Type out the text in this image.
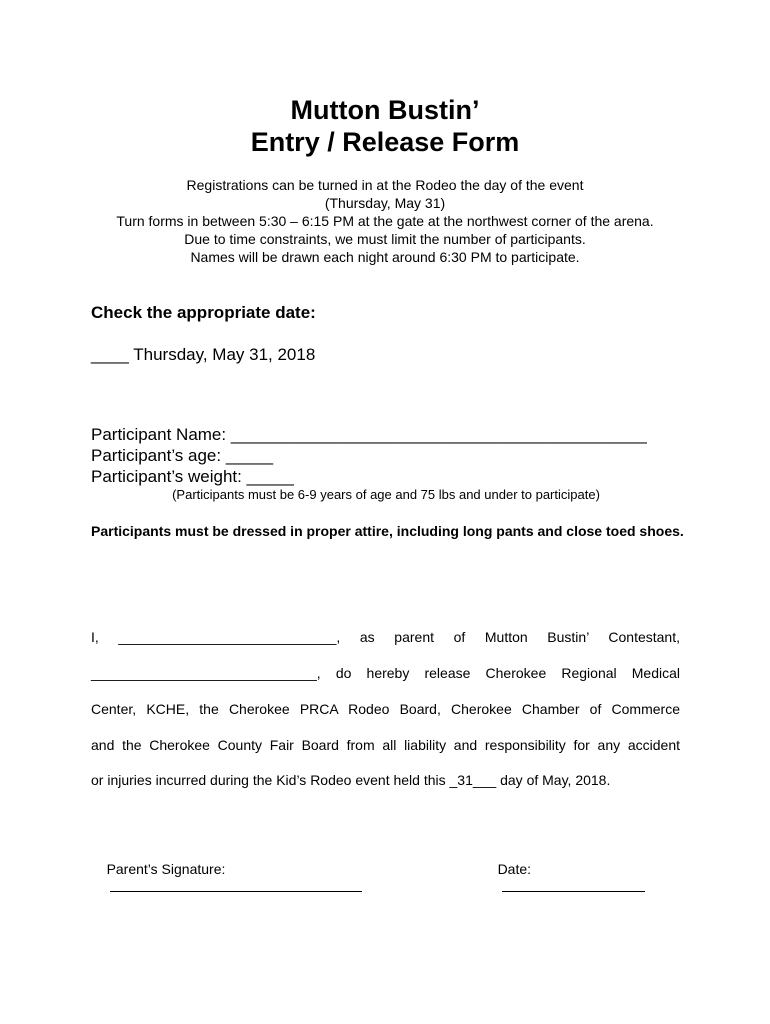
Mutton Bustin’
Entry / Release Form
Registrations can be turned in at the Rodeo the day of the event
(Thursday, May 31)
Turn forms in between 5:30 – 6:15 PM at the gate at the northwest corner of the arena.
Due to time constraints, we must limit the number of participants.
Names will be drawn each night around 6:30 PM to participate.
Check the appropriate date:
____ Thursday, May 31, 2018
Participant Name: ____________________________________________
Participant’s age: _____
Participant’s weight: _____
(Participants must be 6-9 years of age and 75 lbs and under to participate)
Participants must be dressed in proper attire, including long pants and close toed shoes.
I, ____________________________, as parent of Mutton Bustin’ Contestant,
_____________________________, do hereby release Cherokee Regional Medical
Center, KCHE, the Cherokee PRCA Rodeo Board, Cherokee Chamber of Commerce
and the Cherokee County Fair Board from all liability and responsibility for any accident
or injuries incurred during the Kid’s Rodeo event held this _31___ day of May, 2018.

Parent’s Signature:

	Date:
